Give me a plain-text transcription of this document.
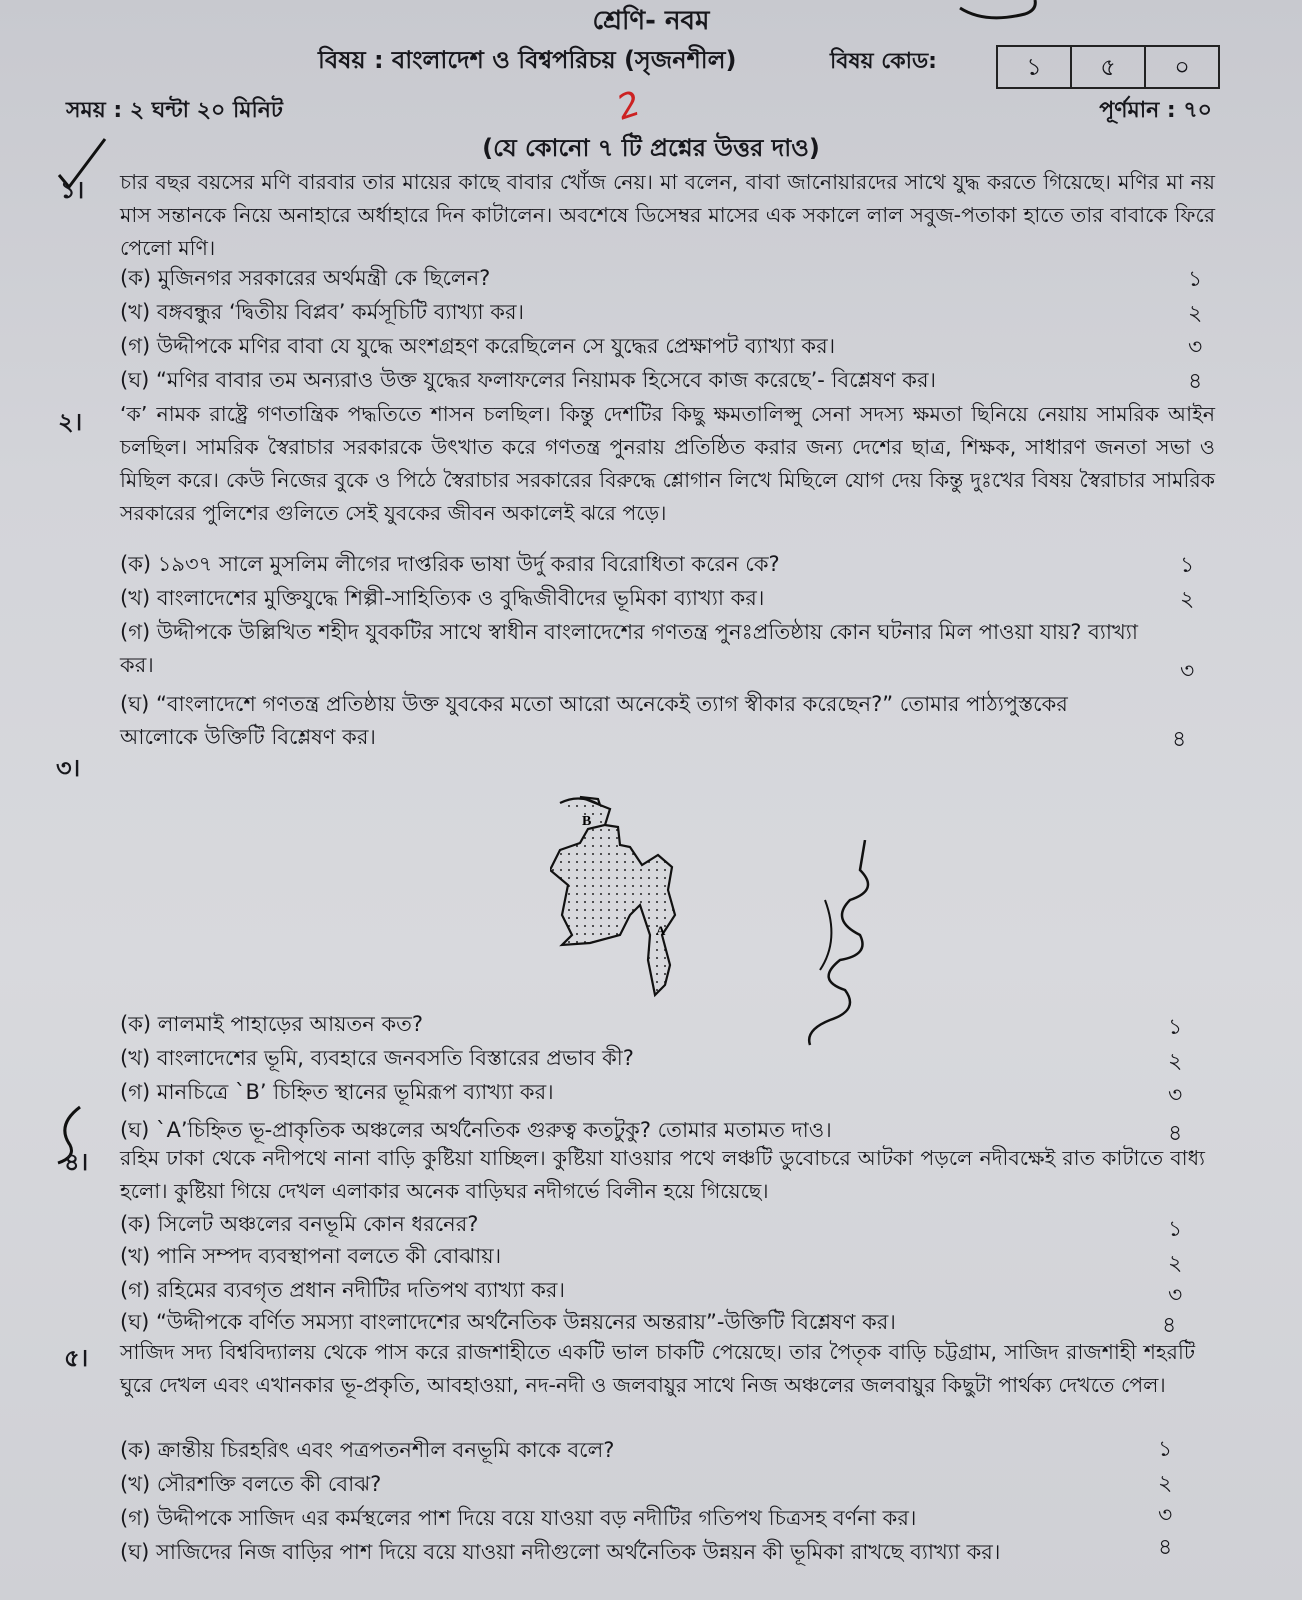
শ্রেণি- নবম
বিষয় : বাংলাদেশ ও বিশ্বপরিচয় (সৃজনশীল)	বিষয় কোড:	১	৫	০
সময় : ২ ঘন্টা ২০ মিনিট	পূর্ণমান : ৭০
(যে কোনো ৭ টি প্রশ্নের উত্তর দাও)
2
১। চার বছর বয়সের মণি বারবার তার মায়ের কাছে বাবার খোঁজ নেয়। মা বলেন, বাবা জানোয়ারদের সাথে যুদ্ধ করতে গিয়েছে। মণির মা নয় মাস সন্তানকে নিয়ে অনাহারে অর্ধাহারে দিন কাটালেন। অবশেষে ডিসেম্বর মাসের এক সকালে লাল সবুজ-পতাকা হাতে তার বাবাকে ফিরে পেলো মণি।
(ক) মুজিনগর সরকারের অর্থমন্ত্রী কে ছিলেন?	১
(খ) বঙ্গবন্ধুর ‘দ্বিতীয় বিপ্লব’ কর্মসূচিটি ব্যাখ্যা কর।	২
(গ) উদ্দীপকে মণির বাবা যে যুদ্ধে অংশগ্রহণ করেছিলেন সে যুদ্ধের প্রেক্ষাপট ব্যাখ্যা কর।	৩
(ঘ) “মণির বাবার তম অন্যরাও উক্ত যুদ্ধের ফলাফলের নিয়ামক হিসেবে কাজ করেছে’- বিশ্লেষণ কর।	৪
২। ‘ক’ নামক রাষ্ট্রে গণতান্ত্রিক পদ্ধতিতে শাসন চলছিল। কিন্তু দেশটির কিছু ক্ষমতালিপ্সু সেনা সদস্য ক্ষমতা ছিনিয়ে নেয়ায় সামরিক আইন চলছিল। সামরিক স্বৈরাচার সরকারকে উৎখাত করে গণতন্ত্র পুনরায় প্রতিষ্ঠিত করার জন্য দেশের ছাত্র, শিক্ষক, সাধারণ জনতা সভা ও মিছিল করে। কেউ নিজের বুকে ও পিঠে স্বৈরাচার সরকারের বিরুদ্ধে শ্লোগান লিখে মিছিলে যোগ দেয় কিন্তু দুঃখের বিষয় স্বৈরাচার সামরিক সরকারের পুলিশের গুলিতে সেই যুবকের জীবন অকালেই ঝরে পড়ে।
(ক) ১৯৩৭ সালে মুসলিম লীগের দাপ্তরিক ভাষা উর্দু করার বিরোধিতা করেন কে?	১
(খ) বাংলাদেশের মুক্তিযুদ্ধে শিল্পী-সাহিত্যিক ও বুদ্ধিজীবীদের ভূমিকা ব্যাখ্যা কর।	২
(গ) উদ্দীপকে উল্লিখিত শহীদ যুবকটির সাথে স্বাধীন বাংলাদেশের গণতন্ত্র পুনঃপ্রতিষ্ঠায় কোন ঘটনার মিল পাওয়া যায়? ব্যাখ্যা কর।	৩
(ঘ) “বাংলাদেশে গণতন্ত্র প্রতিষ্ঠায় উক্ত যুবকের মতো আরো অনেকেই ত্যাগ স্বীকার করেছেন?” তোমার পাঠ্যপুস্তকের আলোকে উক্তিটি বিশ্লেষণ কর।	৪
৩।
B
A
(ক) লালমাই পাহাড়ের আয়তন কত?	১
(খ) বাংলাদেশের ভূমি, ব্যবহারে জনবসতি বিস্তারের প্রভাব কী?	২
(গ) মানচিত্রে `B’ চিহ্নিত স্থানের ভূমিরূপ ব্যাখ্যা কর।	৩
(ঘ) `A’চিহ্নিত ভূ-প্রাকৃতিক অঞ্চলের অর্থনৈতিক গুরুত্ব কতটুকু? তোমার মতামত দাও।	৪
৪। রহিম ঢাকা থেকে নদীপথে নানা বাড়ি কুষ্টিয়া যাচ্ছিল। কুষ্টিয়া যাওয়ার পথে লঞ্চটি ডুবোচরে আটকা পড়লে নদীবক্ষেই রাত কাটাতে বাধ্য হলো। কুষ্টিয়া গিয়ে দেখল এলাকার অনেক বাড়িঘর নদীগর্ভে বিলীন হয়ে গিয়েছে।
(ক) সিলেট অঞ্চলের বনভূমি কোন ধরনের?	১
(খ) পানি সম্পদ ব্যবস্থাপনা বলতে কী বোঝায়।	২
(গ) রহিমের ব্যবগৃত প্রধান নদীটির দতিপথ ব্যাখ্যা কর।	৩
(ঘ) “উদ্দীপকে বর্ণিত সমস্যা বাংলাদেশের অর্থনৈতিক উন্নয়নের অন্তরায়”-উক্তিটি বিশ্লেষণ কর।	৪
৫। সাজিদ সদ্য বিশ্ববিদ্যালয় থেকে পাস করে রাজশাহীতে একটি ভাল চাকটি পেয়েছে। তার পৈতৃক বাড়ি চট্টগ্রাম, সাজিদ রাজশাহী শহরটি ঘুরে দেখল এবং এখানকার ভূ-প্রকৃতি, আবহাওয়া, নদ-নদী ও জলবায়ুর সাথে নিজ অঞ্চলের জলবায়ুর কিছুটা পার্থক্য দেখতে পেল।
(ক) ক্রান্তীয় চিরহরিৎ এবং পত্রপতনশীল বনভূমি কাকে বলে?	১
(খ) সৌরশক্তি বলতে কী বোঝ?	২
(গ) উদ্দীপকে সাজিদ এর কর্মস্থলের পাশ দিয়ে বয়ে যাওয়া বড় নদীটির গতিপথ চিত্রসহ বর্ণনা কর।	৩
(ঘ) সাজিদের নিজ বাড়ির পাশ দিয়ে বয়ে যাওয়া নদীগুলো অর্থনৈতিক উন্নয়ন কী ভূমিকা রাখছে ব্যাখ্যা কর।	৪
